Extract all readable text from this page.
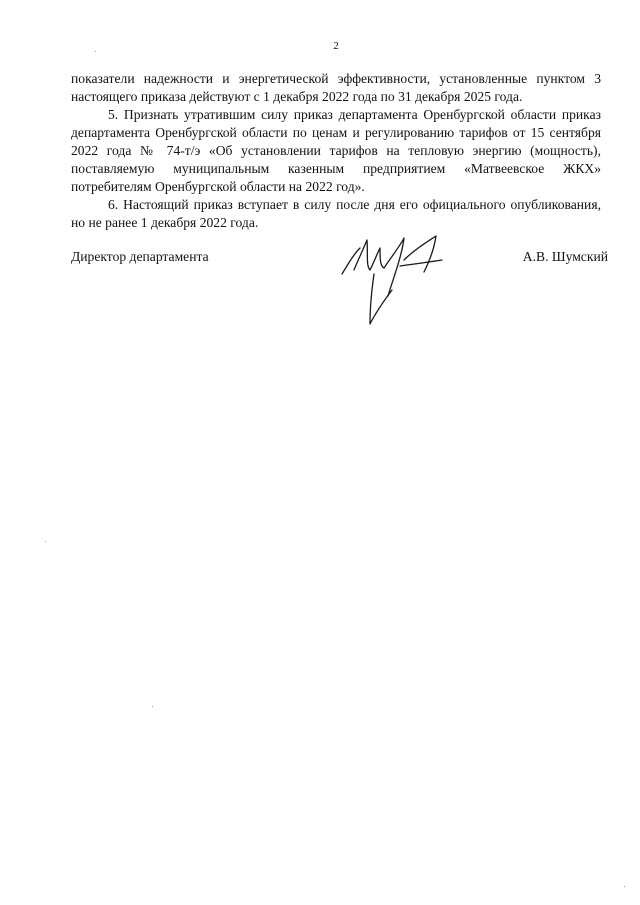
2

показатели надежности и энергетической эффективности, установленные пунктом 3 настоящего приказа действуют с 1 декабря 2022 года по 31 декабря 2025 года.

5. Признать утратившим силу приказ департамента Оренбургской области приказ департамента Оренбургской области по ценам и регулированию тарифов от 15 сентября 2022 года № 74-т/э «Об установлении тарифов на тепловую энергию (мощность), поставляемую муниципальным казенным предприятием «Матвеевское ЖКХ» потребителям Оренбургской области на 2022 год».

6. Настоящий приказ вступает в силу после дня его официального опубликования, но не ранее 1 декабря 2022 года.

Директор департамента	А.В. Шумский
